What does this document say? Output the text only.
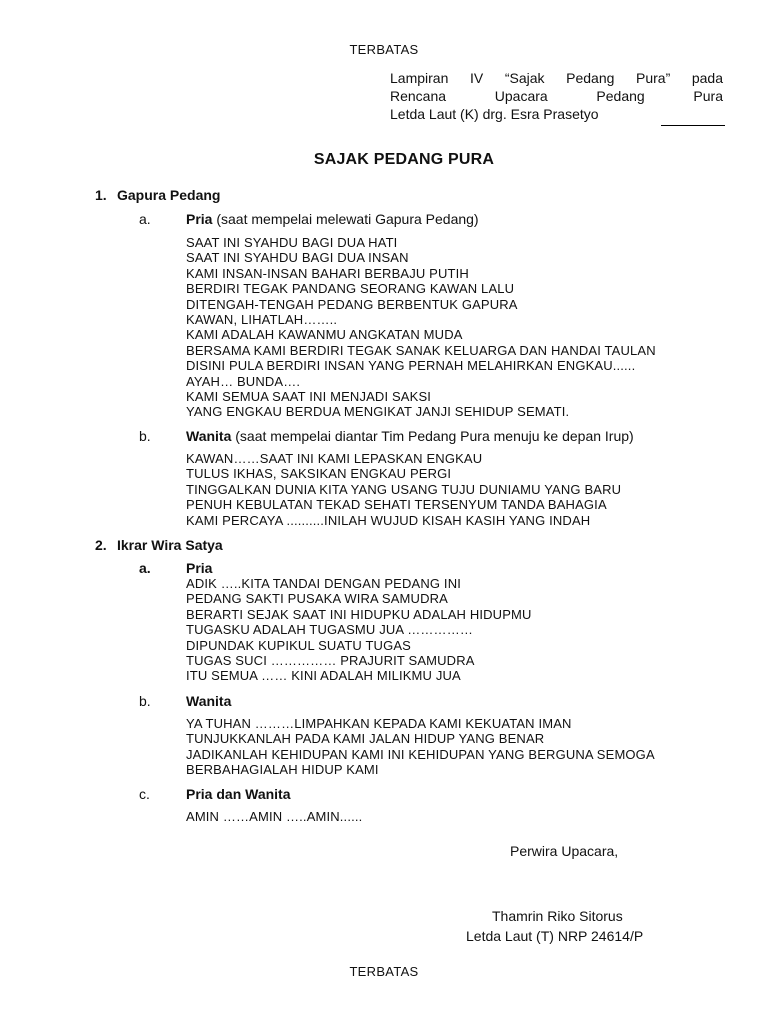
TERBATAS
Lampiran IV “Sajak Pedang Pura” pada
Rencana Upacara Pedang Pura
Letda Laut (K) drg. Esra Prasetyo
SAJAK PEDANG PURA
1. Gapura Pedang
a.	Pria (saat mempelai melewati Gapura Pedang)
SAAT INI SYAHDU BAGI DUA HATI
SAAT INI SYAHDU BAGI DUA INSAN
KAMI INSAN-INSAN BAHARI BERBAJU PUTIH
BERDIRI TEGAK PANDANG SEORANG KAWAN LALU
DITENGAH-TENGAH PEDANG BERBENTUK GAPURA
KAWAN, LIHATLAH……..
KAMI ADALAH KAWANMU ANGKATAN MUDA
BERSAMA KAMI BERDIRI TEGAK SANAK KELUARGA DAN HANDAI TAULAN
DISINI PULA BERDIRI INSAN YANG PERNAH MELAHIRKAN ENGKAU......
AYAH… BUNDA….
KAMI SEMUA SAAT INI MENJADI SAKSI
YANG ENGKAU BERDUA MENGIKAT JANJI SEHIDUP SEMATI.
b.	Wanita (saat mempelai diantar Tim Pedang Pura menuju ke depan Irup)
KAWAN……SAAT INI KAMI LEPASKAN ENGKAU
TULUS IKHAS, SAKSIKAN ENGKAU PERGI
TINGGALKAN DUNIA KITA YANG USANG TUJU DUNIAMU YANG BARU
PENUH KEBULATAN TEKAD SEHATI TERSENYUM TANDA BAHAGIA
KAMI PERCAYA ..........INILAH WUJUD KISAH KASIH YANG INDAH
2. Ikrar Wira Satya
a.	Pria
ADIK …..KITA TANDAI DENGAN PEDANG INI
PEDANG SAKTI PUSAKA WIRA SAMUDRA
BERARTI SEJAK SAAT INI HIDUPKU ADALAH HIDUPMU
TUGASKU ADALAH TUGASMU JUA ……………
DIPUNDAK KUPIKUL SUATU TUGAS
TUGAS SUCI …………… PRAJURIT SAMUDRA
ITU SEMUA …… KINI ADALAH MILIKMU JUA
b.	Wanita
YA TUHAN ………LIMPAHKAN KEPADA KAMI KEKUATAN IMAN
TUNJUKKANLAH PADA KAMI JALAN HIDUP YANG BENAR
JADIKANLAH KEHIDUPAN KAMI INI KEHIDUPAN YANG BERGUNA SEMOGA
BERBAHAGIALAH HIDUP KAMI
c.	Pria dan Wanita
AMIN ……AMIN …..AMIN......
Perwira Upacara,
Thamrin Riko Sitorus
Letda Laut (T) NRP 24614/P
TERBATAS
